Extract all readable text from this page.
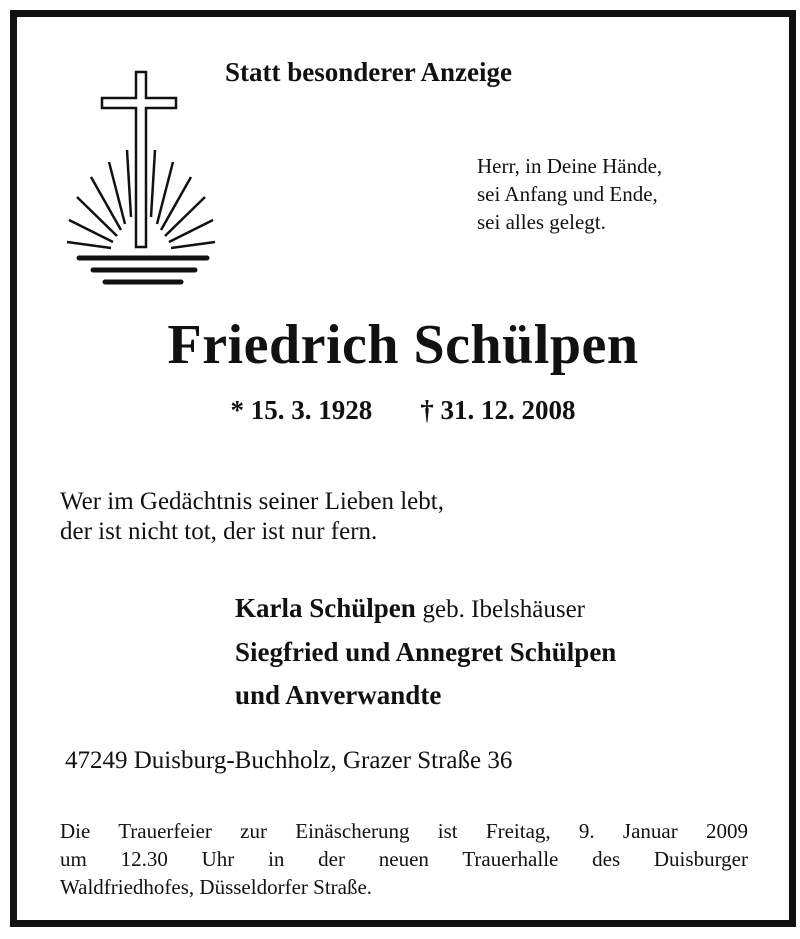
Statt besonderer Anzeige
Herr, in Deine Hände,
sei Anfang und Ende,
sei alles gelegt.
Friedrich Schülpen
* 15. 3. 1928 † 31. 12. 2008
Wer im Gedächtnis seiner Lieben lebt,
der ist nicht tot, der ist nur fern.
Karla Schülpen geb. Ibelshäuser
Siegfried und Annegret Schülpen
und Anverwandte
47249 Duisburg-Buchholz, Grazer Straße 36
Die Trauerfeier zur Einäscherung ist Freitag, 9. Januar 2009
um 12.30 Uhr in der neuen Trauerhalle des Duisburger
Waldfriedhofes, Düsseldorfer Straße.
